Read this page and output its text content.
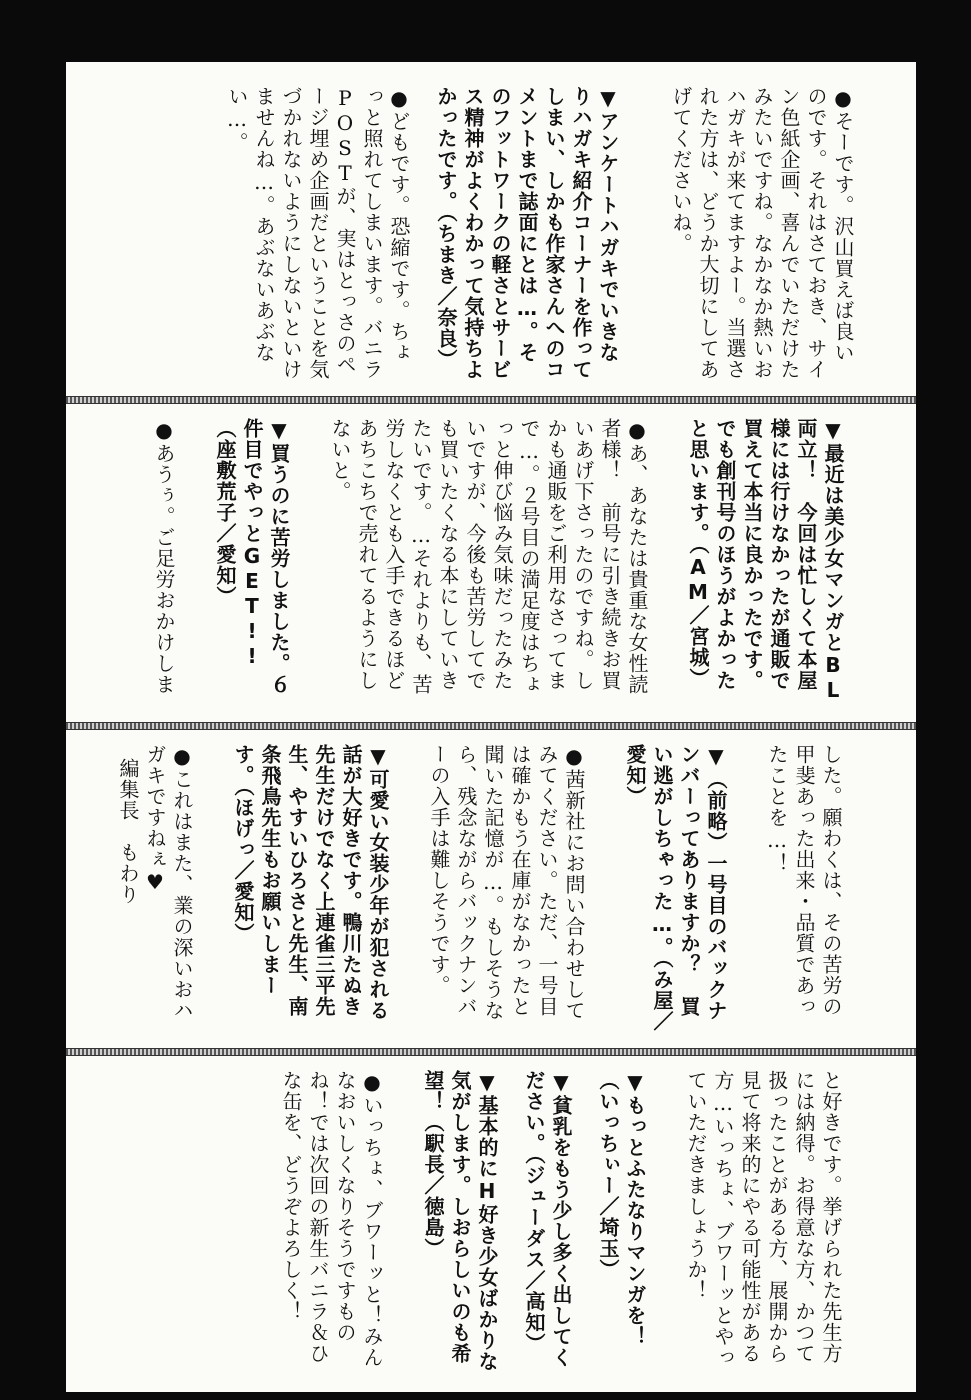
●そーです。沢山買えば良いのです。それはさておき、サイン色紙企画、喜んでいただけたみたいですね。なかなか熱いおハガキが来てますよー。当選された方は、どうか大切にしてあげてくださいね。

▼アンケートハガキでいきなりハガキ紹介コーナーを作ってしまい、しかも作家さんへのコメントまで誌面にとは…。そのフットワークの軽さとサービス精神がよくわかって気持ちよかったです。（ちまき／奈良）

●どもです。恐縮です。ちょっと照れてしまいます。バニラPOSTが、実はとっさのページ埋め企画だということを気づかれないようにしないといけませんね…。あぶないあぶない…。

▼最近は美少女マンガとBL両立！　今回は忙しくて本屋様には行けなかったが通販で買えて本当に良かったです。でも創刊号のほうがよかったと思います。（AM／宮城）

●あ、あなたは貴重な女性読者様！　前号に引き続きお買いあげ下さったのですね。しかも通販をご利用なさってまで…。２号目の満足度はちょっと伸び悩み気味だったみたいですが、今後も苦労してでも買いたくなる本にしていきたいです。…それよりも、苦労しなくとも入手できるほどあちこちで売れてるようにしないと。

▼買うのに苦労しました。６件目でやっとGET!!（座敷荒子／愛知）

●あうぅ。ご足労おかけしま

した。願わくは、その苦労の甲斐あった出来・品質であったことを…！

▼（前略）一号目のバックナンバーってありますか？　買い逃がしちゃった…。（み屋／愛知）

●茜新社にお問い合わせしてみてください。ただ、一号目は確かもう在庫がなかったと聞いた記憶が…。もしそうなら、残念ながらバックナンバーの入手は難しそうです。

▼可愛い女装少年が犯される話が大好きです。鴨川たぬき先生だけでなく上連雀三平先生、やすいひろさと先生、南条飛鳥先生もお願いしまーす。（ほげっ／愛知）

●これはまた、業の深いおハガキですねぇ♥編集長　もわり

と好きです。挙げられた先生方には納得。お得意な方、かつて扱ったことがある方、展開から見て将来的にやる可能性がある方…いっちょ、ブワーッとやっていただきましょうか！

▼もっとふたなりマンガを！（いっちぃー／埼玉）

▼貧乳をもう少し多く出してください。（ジューダス／高知）

▼基本的にH好き少女ばかりな気がします。しおらしいのも希望！（駅長／徳島）

●いっちょ、ブワーッと！みんなおいしくなりそうですものね！では次回の新生バニラ＆ひな缶を、どうぞよろしく！
